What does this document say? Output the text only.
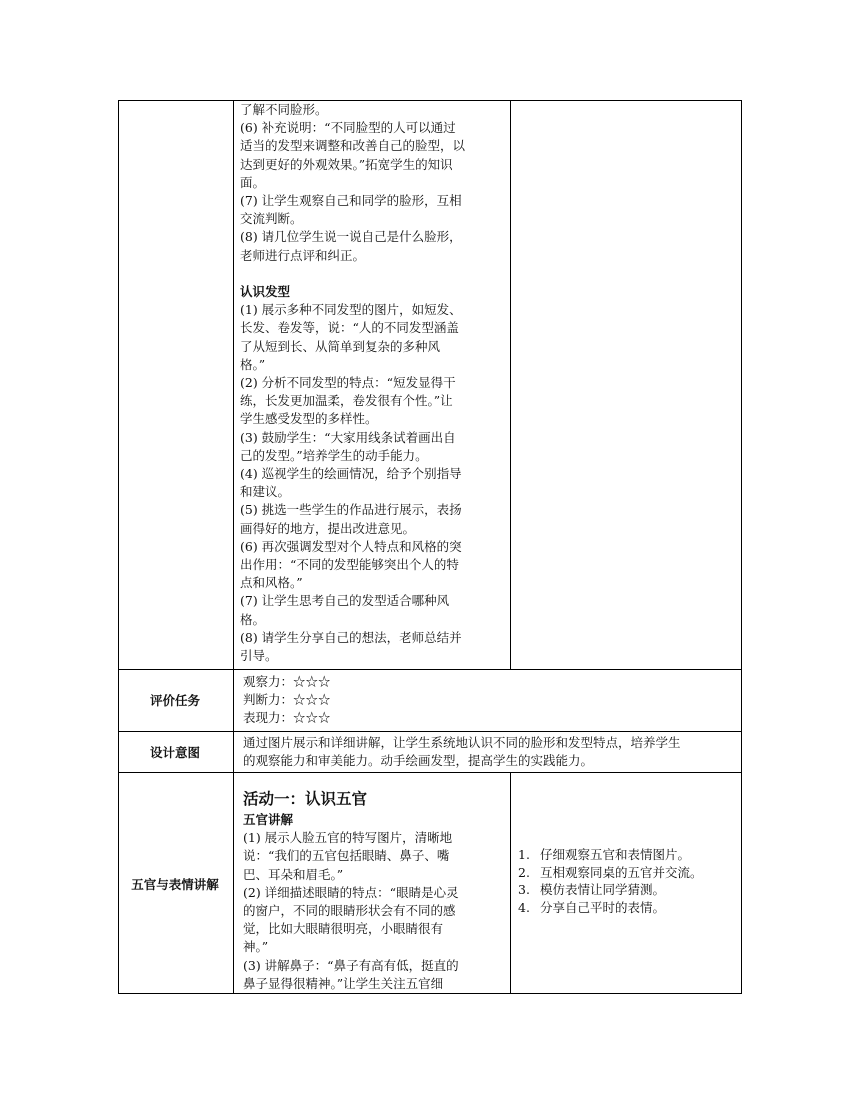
了解不同脸形。

(6) 补充说明：“不同脸型的人可以通过

适当的发型来调整和改善自己的脸型，以

达到更好的外观效果。”拓宽学生的知识

面。

(7) 让学生观察自己和同学的脸形，互相

交流判断。

(8) 请几位学生说一说自己是什么脸形，

老师进行点评和纠正。

认识发型

(1) 展示多种不同发型的图片，如短发、

长发、卷发等，说：“人的不同发型涵盖

了从短到长、从简单到复杂的多种风

格。”

(2) 分析不同发型的特点：“短发显得干

练，长发更加温柔，卷发很有个性。”让

学生感受发型的多样性。

(3) 鼓励学生：“大家用线条试着画出自

己的发型。”培养学生的动手能力。

(4) 巡视学生的绘画情况，给予个别指导

和建议。

(5) 挑选一些学生的作品进行展示，表扬

画得好的地方，提出改进意见。

(6) 再次强调发型对个人特点和风格的突

出作用：“不同的发型能够突出个人的特

点和风格。”

(7) 让学生思考自己的发型适合哪种风

格。

(8) 请学生分享自己的想法，老师总结并

引导。

评价任务

观察力：☆☆☆

判断力：☆☆☆

表现力：☆☆☆

设计意图

通过图片展示和详细讲解，让学生系统地认识不同的脸形和发型特点，培养学生

的观察能力和审美能力。动手绘画发型，提高学生的实践能力。

五官与表情讲解

活动一：认识五官

五官讲解

(1) 展示人脸五官的特写图片，清晰地

说：“我们的五官包括眼睛、鼻子、嘴

巴、耳朵和眉毛。”

(2) 详细描述眼睛的特点：“眼睛是心灵

的窗户，不同的眼睛形状会有不同的感

觉，比如大眼睛很明亮，小眼睛很有

神。”

(3) 讲解鼻子：“鼻子有高有低，挺直的

鼻子显得很精神。”让学生关注五官细

1. 仔细观察五官和表情图片。
2. 互相观察同桌的五官并交流。
3. 模仿表情让同学猜测。
4. 分享自己平时的表情。
